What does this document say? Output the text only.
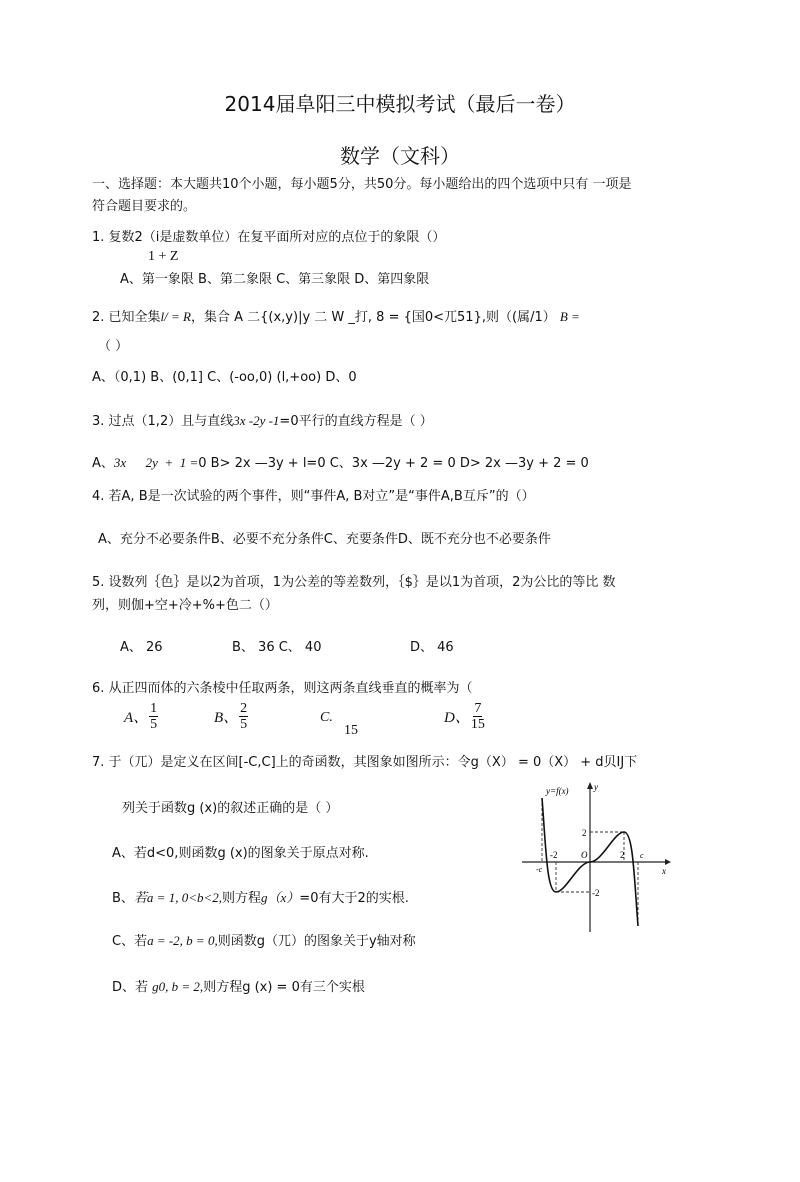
2014届阜阳三中模拟考试（最后一卷）
数学（文科）
一、选择题：本大题共10个小题，每小题5分，共50分。每小题给出的四个选项中只有 一项是
符合题目要求的。
1. 复数2（i是虚数单位）在复平面所对应的点位于的象限（）
1 + Z
A、第一象限 B、第二象限 C、第三象限 D、第四象限
2. 已知全集l/ = R，集合 A 二{(x,y)|y 二 W _打, 8 = {国0<兀51},则（(属/1） B =
（ ）
A、（0,1) B、(0,1] C、(-oo,0) (l,+oo) D、0
3. 过点（1,2）且与直线3x -2y -1=0平行的直线方程是（ ）
A、3x      2y  +  1 =0 B> 2x —3y + l=0 C、3x —2y + 2 = 0 D> 2x —3y + 2 = 0
4. 若A, B是一次试验的两个事件，则“事件A, B对立”是“事件A,B互斥”的（）
A、充分不必要条件B、必要不充分条件C、充要条件D、既不充分也不必要条件
5. 设数列｛色｝是以2为首项，1为公差的等差数列，｛$｝是以1为首项，2为公比的等比 数
列，则伽+空+冷+%+色二（）
A、 26	B、 36 C、 40	D、 46
6. 从正四而体的六条棱中任取两条，则这两条直线垂直的概率为（
A、 $\frac{1}{5}$	B、 $\frac{2}{5}$	C.
15
D、 $\frac{7}{15}$
7. 于（兀）是定义在区间[-C,C]上的奇函数，其图象如图所示：令g（X） = 0（X） + d贝IJ下
列关于函数g (x)的叙述正确的是（ ）
A、若d<0,则函数g (x)的图象关于原点对称.
B、若a = 1, 0<b<2,则方程g（x）=0有大于2的实根.
C、若a = -2, b = 0,则函数g（兀）的图象关于y轴对称
D、若 g0, b = 2,则方程g (x) = 0有三个实根
y=f(x)	y
x
O
2
-2
-2	2
-c
c
